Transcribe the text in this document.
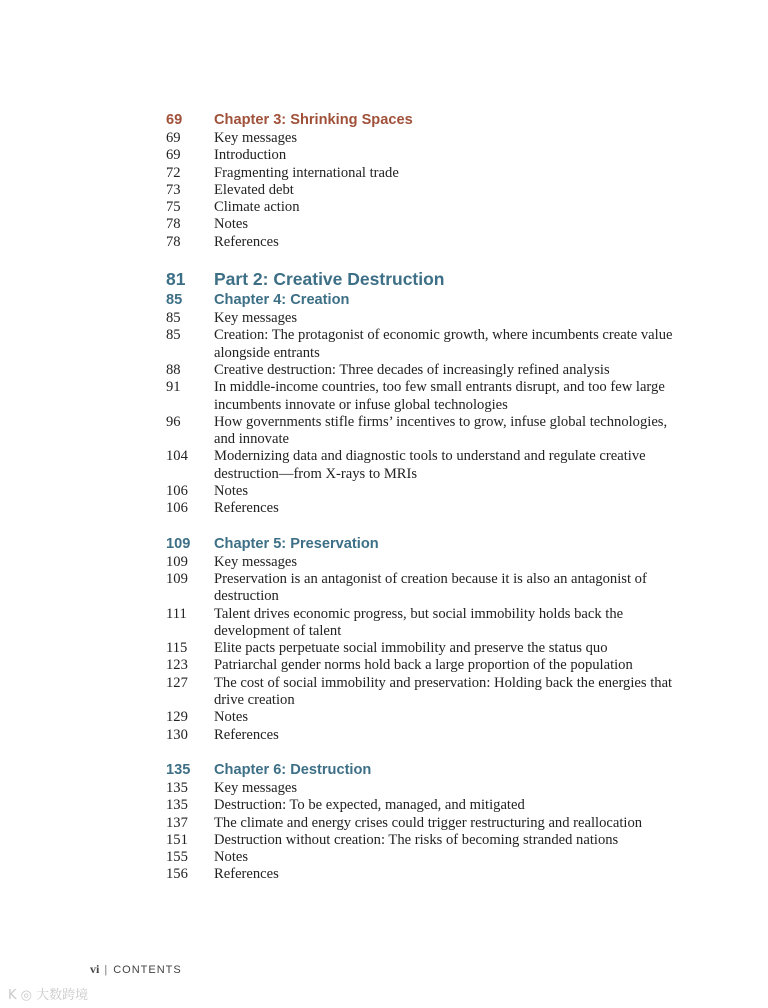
69	Chapter 3: Shrinking Spaces
69	Key messages
69	Introduction
72	Fragmenting international trade
73	Elevated debt
75	Climate action
78	Notes
78	References
81	Part 2: Creative Destruction
85	Chapter 4: Creation
85	Key messages
85	Creation: The protagonist of economic growth, where incumbents create value alongside entrants
88	Creative destruction: Three decades of increasingly refined analysis
91	In middle-income countries, too few small entrants disrupt, and too few large incumbents innovate or infuse global technologies
96	How governments stifle firms’ incentives to grow, infuse global technologies, and innovate
104	Modernizing data and diagnostic tools to understand and regulate creative destruction—from X-rays to MRIs
106	Notes
106	References
109	Chapter 5: Preservation
109	Key messages
109	Preservation is an antagonist of creation because it is also an antagonist of destruction
111	Talent drives economic progress, but social immobility holds back the development of talent
115	Elite pacts perpetuate social immobility and preserve the status quo
123	Patriarchal gender norms hold back a large proportion of the population
127	The cost of social immobility and preservation: Holding back the energies that drive creation
129	Notes
130	References
135	Chapter 6: Destruction
135	Key messages
135	Destruction: To be expected, managed, and mitigated
137	The climate and energy crises could trigger restructuring and reallocation
151	Destruction without creation: The risks of becoming stranded nations
155	Notes
156	References
vi | CONTENTS
K ◎ 大数跨境
